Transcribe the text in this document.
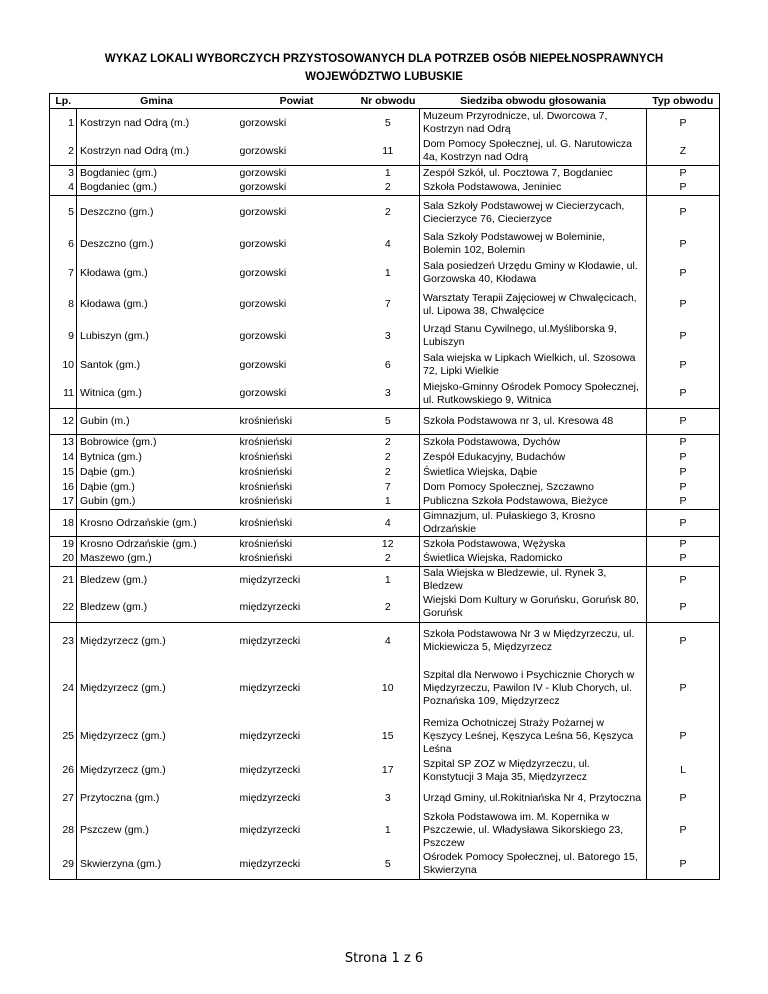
WYKAZ LOKALI WYBORCZYCH PRZYSTOSOWANYCH DLA POTRZEB OSÓB NIEPEŁNOSPRAWNYCH
WOJEWÓDZTWO LUBUSKIE
Lp.	Gmina	Powiat	Nr obwodu	Siedziba obwodu głosowania	Typ obwodu
1	Kostrzyn nad Odrą (m.)	gorzowski	5	Muzeum Przyrodnicze, ul. Dworcowa 7, Kostrzyn nad Odrą	P
2	Kostrzyn nad Odrą (m.)	gorzowski	11	Dom Pomocy Społecznej, ul. G. Narutowicza 4a, Kostrzyn nad Odrą	Z
3	Bogdaniec (gm.)	gorzowski	1	Zespół Szkół, ul. Pocztowa 7, Bogdaniec	P
4	Bogdaniec (gm.)	gorzowski	2	Szkoła Podstawowa, Jeniniec	P
5	Deszczno (gm.)	gorzowski	2	Sala Szkoły Podstawowej w Ciecierzycach, Ciecierzyce 76, Ciecierzyce	P
6	Deszczno (gm.)	gorzowski	4	Sala Szkoły Podstawowej w Boleminie, Bolemin 102, Bolemin	P
7	Kłodawa (gm.)	gorzowski	1	Sala posiedzeń Urzędu Gminy w Kłodawie, ul. Gorzowska 40, Kłodawa	P
8	Kłodawa (gm.)	gorzowski	7	Warsztaty Terapii Zajęciowej w Chwalęcicach, ul. Lipowa 38, Chwalęcice	P
9	Lubiszyn (gm.)	gorzowski	3	Urząd Stanu Cywilnego, ul.Myśliborska 9, Lubiszyn	P
10	Santok (gm.)	gorzowski	6	Sala wiejska w Lipkach Wielkich, ul. Szosowa 72, Lipki Wielkie	P
11	Witnica (gm.)	gorzowski	3	Miejsko-Gminny Ośrodek Pomocy Społecznej, ul. Rutkowskiego 9, Witnica	P
12	Gubin (m.)	krośnieński	5	Szkoła Podstawowa nr 3, ul. Kresowa 48	P
13	Bobrowice (gm.)	krośnieński	2	Szkoła Podstawowa, Dychów	P
14	Bytnica (gm.)	krośnieński	2	Zespół Edukacyjny, Budachów	P
15	Dąbie (gm.)	krośnieński	2	Świetlica Wiejska, Dąbie	P
16	Dąbie (gm.)	krośnieński	7	Dom Pomocy Społecznej, Szczawno	P
17	Gubin (gm.)	krośnieński	1	Publiczna Szkoła Podstawowa, Bieżyce	P
18	Krosno Odrzańskie (gm.)	krośnieński	4	Gimnazjum, ul. Pułaskiego 3, Krosno Odrzańskie	P
19	Krosno Odrzańskie (gm.)	krośnieński	12	Szkoła Podstawowa, Wężyska	P
20	Maszewo (gm.)	krośnieński	2	Świetlica Wiejska, Radomicko	P
21	Bledzew (gm.)	międzyrzecki	1	Sala Wiejska w Bledzewie, ul. Rynek 3, Bledzew	P
22	Bledzew (gm.)	międzyrzecki	2	Wiejski Dom Kultury w Goruńsku, Goruńsk 80, Goruńsk	P
23	Międzyrzecz (gm.)	międzyrzecki	4	Szkoła Podstawowa Nr 3 w Międzyrzeczu, ul. Mickiewicza 5, Międzyrzecz	P
24	Międzyrzecz (gm.)	międzyrzecki	10	Szpital dla Nerwowo i Psychicznie Chorych w Międzyrzeczu, Pawilon IV - Klub Chorych, ul. Poznańska 109, Międzyrzecz	P
25	Międzyrzecz (gm.)	międzyrzecki	15	Remiza Ochotniczej Straży Pożarnej w Kęszycy Leśnej, Kęszyca Leśna 56, Kęszyca Leśna	P
26	Międzyrzecz (gm.)	międzyrzecki	17	Szpital SP ZOZ w Międzyrzeczu, ul. Konstytucji 3 Maja 35, Międzyrzecz	L
27	Przytoczna (gm.)	międzyrzecki	3	Urząd Gminy, ul.Rokitniańska Nr 4, Przytoczna	P
28	Pszczew (gm.)	międzyrzecki	1	Szkoła Podstawowa im. M. Kopernika w Pszczewie, ul. Władysława Sikorskiego 23, Pszczew	P
29	Skwierzyna (gm.)	międzyrzecki	5	Ośrodek Pomocy Społecznej, ul. Batorego 15, Skwierzyna	P
Strona 1 z 6
